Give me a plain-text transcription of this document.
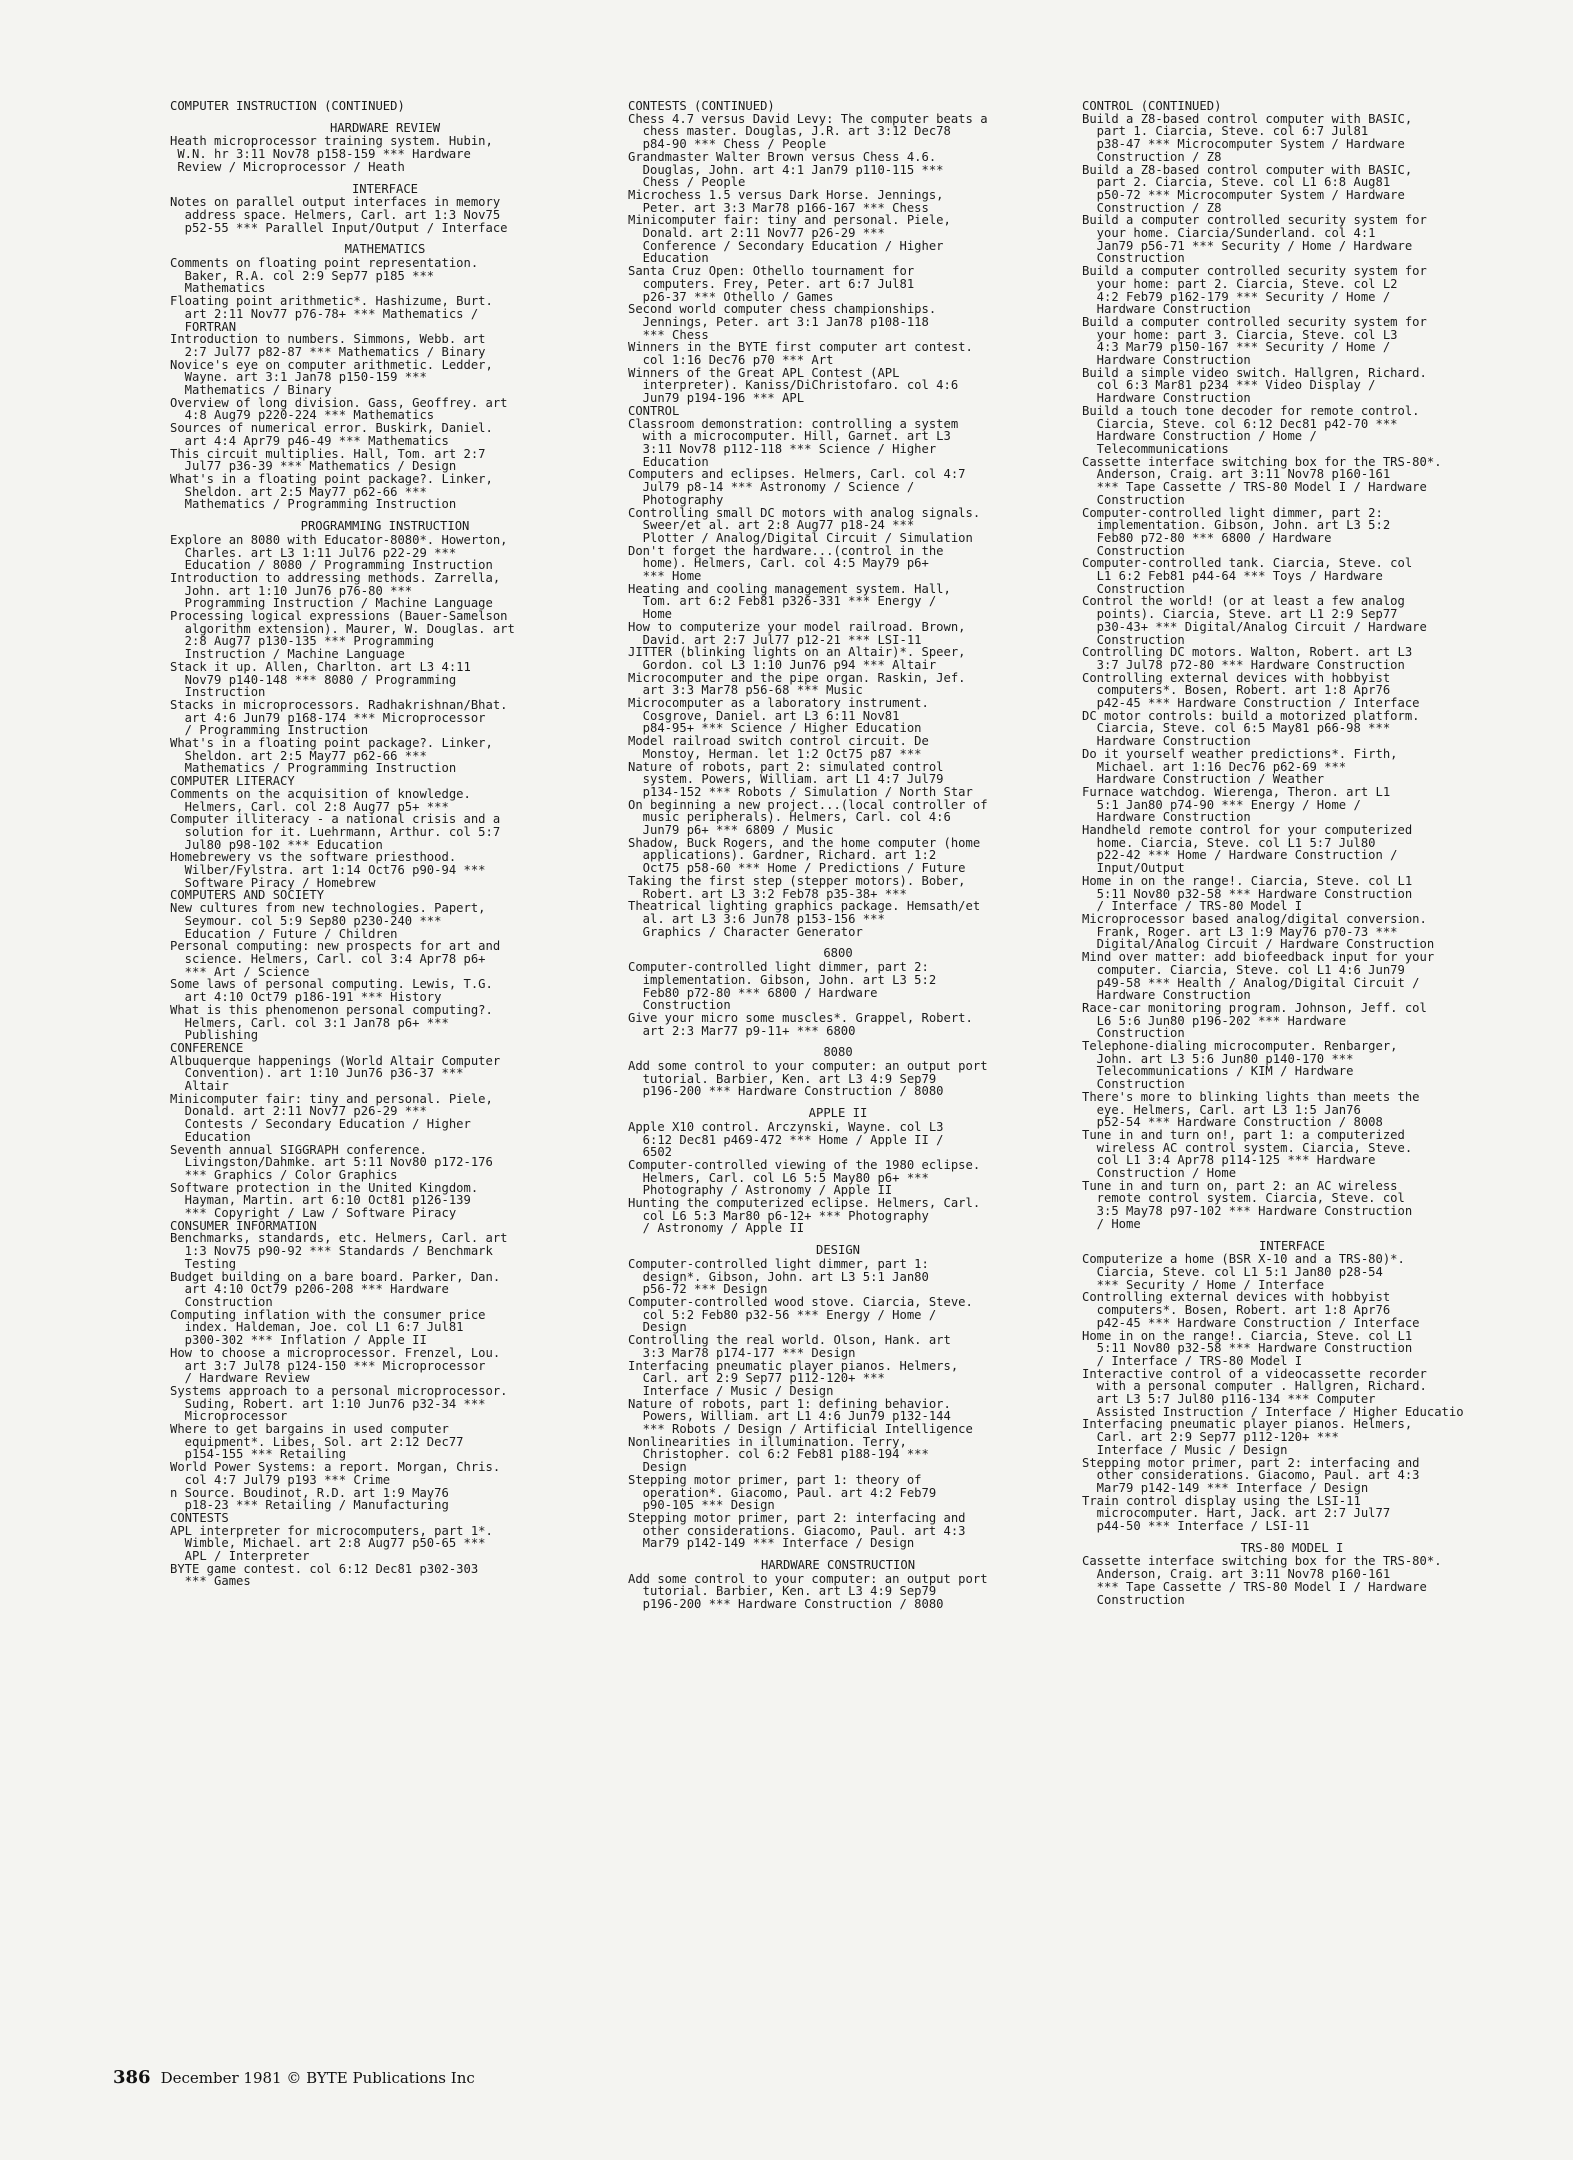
COMPUTER INSTRUCTION (CONTINUED)
HARDWARE REVIEW
Heath microprocessor training system. Hubin,
W.N. hr 3:11 Nov78 p158-159 *** Hardware
Review / Microprocessor / Heath
INTERFACE
Notes on parallel output interfaces in memory
address space. Helmers, Carl. art 1:3 Nov75
p52-55 *** Parallel Input/Output / Interface
MATHEMATICS
Comments on floating point representation.
Baker, R.A. col 2:9 Sep77 p185 ***
Mathematics
Floating point arithmetic*. Hashizume, Burt.
art 2:11 Nov77 p76-78+ *** Mathematics /
FORTRAN
Introduction to numbers. Simmons, Webb. art
2:7 Jul77 p82-87 *** Mathematics / Binary
Novice's eye on computer arithmetic. Ledder,
Wayne. art 3:1 Jan78 p150-159 ***
Mathematics / Binary
Overview of long division. Gass, Geoffrey. art
4:8 Aug79 p220-224 *** Mathematics
Sources of numerical error. Buskirk, Daniel.
art 4:4 Apr79 p46-49 *** Mathematics
This circuit multiplies. Hall, Tom. art 2:7
Jul77 p36-39 *** Mathematics / Design
What's in a floating point package?. Linker,
Sheldon. art 2:5 May77 p62-66 ***
Mathematics / Programming Instruction
PROGRAMMING INSTRUCTION
Explore an 8080 with Educator-8080*. Howerton,
Charles. art L3 1:11 Jul76 p22-29 ***
Education / 8080 / Programming Instruction
Introduction to addressing methods. Zarrella,
John. art 1:10 Jun76 p76-80 ***
Programming Instruction / Machine Language
Processing logical expressions (Bauer-Samelson
algorithm extension). Maurer, W. Douglas. art
2:8 Aug77 p130-135 *** Programming
Instruction / Machine Language
Stack it up. Allen, Charlton. art L3 4:11
Nov79 p140-148 *** 8080 / Programming
Instruction
Stacks in microprocessors. Radhakrishnan/Bhat.
art 4:6 Jun79 p168-174 *** Microprocessor
/ Programming Instruction
What's in a floating point package?. Linker,
Sheldon. art 2:5 May77 p62-66 ***
Mathematics / Programming Instruction
COMPUTER LITERACY
Comments on the acquisition of knowledge.
Helmers, Carl. col 2:8 Aug77 p5+ ***
Computer illiteracy - a national crisis and a
solution for it. Luehrmann, Arthur. col 5:7
Jul80 p98-102 *** Education
Homebrewery vs the software priesthood.
Wilber/Fylstra. art 1:14 Oct76 p90-94 ***
Software Piracy / Homebrew
COMPUTERS AND SOCIETY
New cultures from new technologies. Papert,
Seymour. col 5:9 Sep80 p230-240 ***
Education / Future / Children
Personal computing: new prospects for art and
science. Helmers, Carl. col 3:4 Apr78 p6+
*** Art / Science
Some laws of personal computing. Lewis, T.G.
art 4:10 Oct79 p186-191 *** History
What is this phenomenon personal computing?.
Helmers, Carl. col 3:1 Jan78 p6+ ***
Publishing
CONFERENCE
Albuquerque happenings (World Altair Computer
Convention). art 1:10 Jun76 p36-37 ***
Altair
Minicomputer fair: tiny and personal. Piele,
Donald. art 2:11 Nov77 p26-29 ***
Contests / Secondary Education / Higher
Education
Seventh annual SIGGRAPH conference.
Livingston/Dahmke. art 5:11 Nov80 p172-176
*** Graphics / Color Graphics
Software protection in the United Kingdom.
Hayman, Martin. art 6:10 Oct81 p126-139
*** Copyright / Law / Software Piracy
CONSUMER INFORMATION
Benchmarks, standards, etc. Helmers, Carl. art
1:3 Nov75 p90-92 *** Standards / Benchmark
Testing
Budget building on a bare board. Parker, Dan.
art 4:10 Oct79 p206-208 *** Hardware
Construction
Computing inflation with the consumer price
index. Haldeman, Joe. col L1 6:7 Jul81
p300-302 *** Inflation / Apple II
How to choose a microprocessor. Frenzel, Lou.
art 3:7 Jul78 p124-150 *** Microprocessor
/ Hardware Review
Systems approach to a personal microprocessor.
Suding, Robert. art 1:10 Jun76 p32-34 ***
Microprocessor
Where to get bargains in used computer
equipment*. Libes, Sol. art 2:12 Dec77
p154-155 *** Retailing
World Power Systems: a report. Morgan, Chris.
col 4:7 Jul79 p193 *** Crime
n Source. Boudinot, R.D. art 1:9 May76
p18-23 *** Retailing / Manufacturing
CONTESTS
APL interpreter for microcomputers, part 1*.
Wimble, Michael. art 2:8 Aug77 p50-65 ***
APL / Interpreter
BYTE game contest. col 6:12 Dec81 p302-303
*** Games
CONTESTS (CONTINUED)
Chess 4.7 versus David Levy: The computer beats a
chess master. Douglas, J.R. art 3:12 Dec78
p84-90 *** Chess / People
Grandmaster Walter Brown versus Chess 4.6.
Douglas, John. art 4:1 Jan79 p110-115 ***
Chess / People
Microchess 1.5 versus Dark Horse. Jennings,
Peter. art 3:3 Mar78 p166-167 *** Chess
Minicomputer fair: tiny and personal. Piele,
Donald. art 2:11 Nov77 p26-29 ***
Conference / Secondary Education / Higher
Education
Santa Cruz Open: Othello tournament for
computers. Frey, Peter. art 6:7 Jul81
p26-37 *** Othello / Games
Second world computer chess championships.
Jennings, Peter. art 3:1 Jan78 p108-118
*** Chess
Winners in the BYTE first computer art contest.
col 1:16 Dec76 p70 *** Art
Winners of the Great APL Contest (APL
interpreter). Kaniss/DiChristofaro. col 4:6
Jun79 p194-196 *** APL
CONTROL
Classroom demonstration: controlling a system
with a microcomputer. Hill, Garnet. art L3
3:11 Nov78 p112-118 *** Science / Higher
Education
Computers and eclipses. Helmers, Carl. col 4:7
Jul79 p8-14 *** Astronomy / Science /
Photography
Controlling small DC motors with analog signals.
Sweer/et al. art 2:8 Aug77 p18-24 ***
Plotter / Analog/Digital Circuit / Simulation
Don't forget the hardware...(control in the
home). Helmers, Carl. col 4:5 May79 p6+
*** Home
Heating and cooling management system. Hall,
Tom. art 6:2 Feb81 p326-331 *** Energy /
Home
How to computerize your model railroad. Brown,
David. art 2:7 Jul77 p12-21 *** LSI-11
JITTER (blinking lights on an Altair)*. Speer,
Gordon. col L3 1:10 Jun76 p94 *** Altair
Microcomputer and the pipe organ. Raskin, Jef.
art 3:3 Mar78 p56-68 *** Music
Microcomputer as a laboratory instrument.
Cosgrove, Daniel. art L3 6:11 Nov81
p84-95+ *** Science / Higher Education
Model railroad switch control circuit. De
Monstoy, Herman. let 1:2 Oct75 p87 ***
Nature of robots, part 2: simulated control
system. Powers, William. art L1 4:7 Jul79
p134-152 *** Robots / Simulation / North Star
On beginning a new project...(local controller of
music peripherals). Helmers, Carl. col 4:6
Jun79 p6+ *** 6809 / Music
Shadow, Buck Rogers, and the home computer (home
applications). Gardner, Richard. art 1:2
Oct75 p58-60 *** Home / Predictions / Future
Taking the first step (stepper motors). Bober,
Robert. art L3 3:2 Feb78 p35-38+ ***
Theatrical lighting graphics package. Hemsath/et
al. art L3 3:6 Jun78 p153-156 ***
Graphics / Character Generator
6800
Computer-controlled light dimmer, part 2:
implementation. Gibson, John. art L3 5:2
Feb80 p72-80 *** 6800 / Hardware
Construction
Give your micro some muscles*. Grappel, Robert.
art 2:3 Mar77 p9-11+ *** 6800
8080
Add some control to your computer: an output port
tutorial. Barbier, Ken. art L3 4:9 Sep79
p196-200 *** Hardware Construction / 8080
APPLE II
Apple X10 control. Arczynski, Wayne. col L3
6:12 Dec81 p469-472 *** Home / Apple II /
6502
Computer-controlled viewing of the 1980 eclipse.
Helmers, Carl. col L6 5:5 May80 p6+ ***
Photography / Astronomy / Apple II
Hunting the computerized eclipse. Helmers, Carl.
col L6 5:3 Mar80 p6-12+ *** Photography
/ Astronomy / Apple II
DESIGN
Computer-controlled light dimmer, part 1:
design*. Gibson, John. art L3 5:1 Jan80
p56-72 *** Design
Computer-controlled wood stove. Ciarcia, Steve.
col 5:2 Feb80 p32-56 *** Energy / Home /
Design
Controlling the real world. Olson, Hank. art
3:3 Mar78 p174-177 *** Design
Interfacing pneumatic player pianos. Helmers,
Carl. art 2:9 Sep77 p112-120+ ***
Interface / Music / Design
Nature of robots, part 1: defining behavior.
Powers, William. art L1 4:6 Jun79 p132-144
*** Robots / Design / Artificial Intelligence
Nonlinearities in illumination. Terry,
Christopher. col 6:2 Feb81 p188-194 ***
Design
Stepping motor primer, part 1: theory of
operation*. Giacomo, Paul. art 4:2 Feb79
p90-105 *** Design
Stepping motor primer, part 2: interfacing and
other considerations. Giacomo, Paul. art 4:3
Mar79 p142-149 *** Interface / Design
HARDWARE CONSTRUCTION
Add some control to your computer: an output port
tutorial. Barbier, Ken. art L3 4:9 Sep79
p196-200 *** Hardware Construction / 8080
CONTROL (CONTINUED)
Build a Z8-based control computer with BASIC,
part 1. Ciarcia, Steve. col 6:7 Jul81
p38-47 *** Microcomputer System / Hardware
Construction / Z8
Build a Z8-based control computer with BASIC,
part 2. Ciarcia, Steve. col L1 6:8 Aug81
p50-72 *** Microcomputer System / Hardware
Construction / Z8
Build a computer controlled security system for
your home. Ciarcia/Sunderland. col 4:1
Jan79 p56-71 *** Security / Home / Hardware
Construction
Build a computer controlled security system for
your home: part 2. Ciarcia, Steve. col L2
4:2 Feb79 p162-179 *** Security / Home /
Hardware Construction
Build a computer controlled security system for
your home: part 3. Ciarcia, Steve. col L3
4:3 Mar79 p150-167 *** Security / Home /
Hardware Construction
Build a simple video switch. Hallgren, Richard.
col 6:3 Mar81 p234 *** Video Display /
Hardware Construction
Build a touch tone decoder for remote control.
Ciarcia, Steve. col 6:12 Dec81 p42-70 ***
Hardware Construction / Home /
Telecommunications
Cassette interface switching box for the TRS-80*.
Anderson, Craig. art 3:11 Nov78 p160-161
*** Tape Cassette / TRS-80 Model I / Hardware
Construction
Computer-controlled light dimmer, part 2:
implementation. Gibson, John. art L3 5:2
Feb80 p72-80 *** 6800 / Hardware
Construction
Computer-controlled tank. Ciarcia, Steve. col
L1 6:2 Feb81 p44-64 *** Toys / Hardware
Construction
Control the world! (or at least a few analog
points). Ciarcia, Steve. art L1 2:9 Sep77
p30-43+ *** Digital/Analog Circuit / Hardware
Construction
Controlling DC motors. Walton, Robert. art L3
3:7 Jul78 p72-80 *** Hardware Construction
Controlling external devices with hobbyist
computers*. Bosen, Robert. art 1:8 Apr76
p42-45 *** Hardware Construction / Interface
DC motor controls: build a motorized platform.
Ciarcia, Steve. col 6:5 May81 p66-98 ***
Hardware Construction
Do it yourself weather predictions*. Firth,
Michael. art 1:16 Dec76 p62-69 ***
Hardware Construction / Weather
Furnace watchdog. Wierenga, Theron. art L1
5:1 Jan80 p74-90 *** Energy / Home /
Hardware Construction
Handheld remote control for your computerized
home. Ciarcia, Steve. col L1 5:7 Jul80
p22-42 *** Home / Hardware Construction /
Input/Output
Home in on the range!. Ciarcia, Steve. col L1
5:11 Nov80 p32-58 *** Hardware Construction
/ Interface / TRS-80 Model I
Microprocessor based analog/digital conversion.
Frank, Roger. art L3 1:9 May76 p70-73 ***
Digital/Analog Circuit / Hardware Construction
Mind over matter: add biofeedback input for your
computer. Ciarcia, Steve. col L1 4:6 Jun79
p49-58 *** Health / Analog/Digital Circuit /
Hardware Construction
Race-car monitoring program. Johnson, Jeff. col
L6 5:6 Jun80 p196-202 *** Hardware
Construction
Telephone-dialing microcomputer. Renbarger,
John. art L3 5:6 Jun80 p140-170 ***
Telecommunications / KIM / Hardware
Construction
There's more to blinking lights than meets the
eye. Helmers, Carl. art L3 1:5 Jan76
p52-54 *** Hardware Construction / 8008
Tune in and turn on!, part 1: a computerized
wireless AC control system. Ciarcia, Steve.
col L1 3:4 Apr78 p114-125 *** Hardware
Construction / Home
Tune in and turn on, part 2: an AC wireless
remote control system. Ciarcia, Steve. col
3:5 May78 p97-102 *** Hardware Construction
/ Home
INTERFACE
Computerize a home (BSR X-10 and a TRS-80)*.
Ciarcia, Steve. col L1 5:1 Jan80 p28-54
*** Security / Home / Interface
Controlling external devices with hobbyist
computers*. Bosen, Robert. art 1:8 Apr76
p42-45 *** Hardware Construction / Interface
Home in on the range!. Ciarcia, Steve. col L1
5:11 Nov80 p32-58 *** Hardware Construction
/ Interface / TRS-80 Model I
Interactive control of a videocassette recorder
with a personal computer . Hallgren, Richard.
art L3 5:7 Jul80 p116-134 *** Computer
Assisted Instruction / Interface / Higher Educatio
Interfacing pneumatic player pianos. Helmers,
Carl. art 2:9 Sep77 p112-120+ ***
Interface / Music / Design
Stepping motor primer, part 2: interfacing and
other considerations. Giacomo, Paul. art 4:3
Mar79 p142-149 *** Interface / Design
Train control display using the LSI-11
microcomputer. Hart, Jack. art 2:7 Jul77
p44-50 *** Interface / LSI-11
TRS-80 MODEL I
Cassette interface switching box for the TRS-80*.
Anderson, Craig. art 3:11 Nov78 p160-161
*** Tape Cassette / TRS-80 Model I / Hardware
Construction
386 December 1981 © BYTE Publications Inc
